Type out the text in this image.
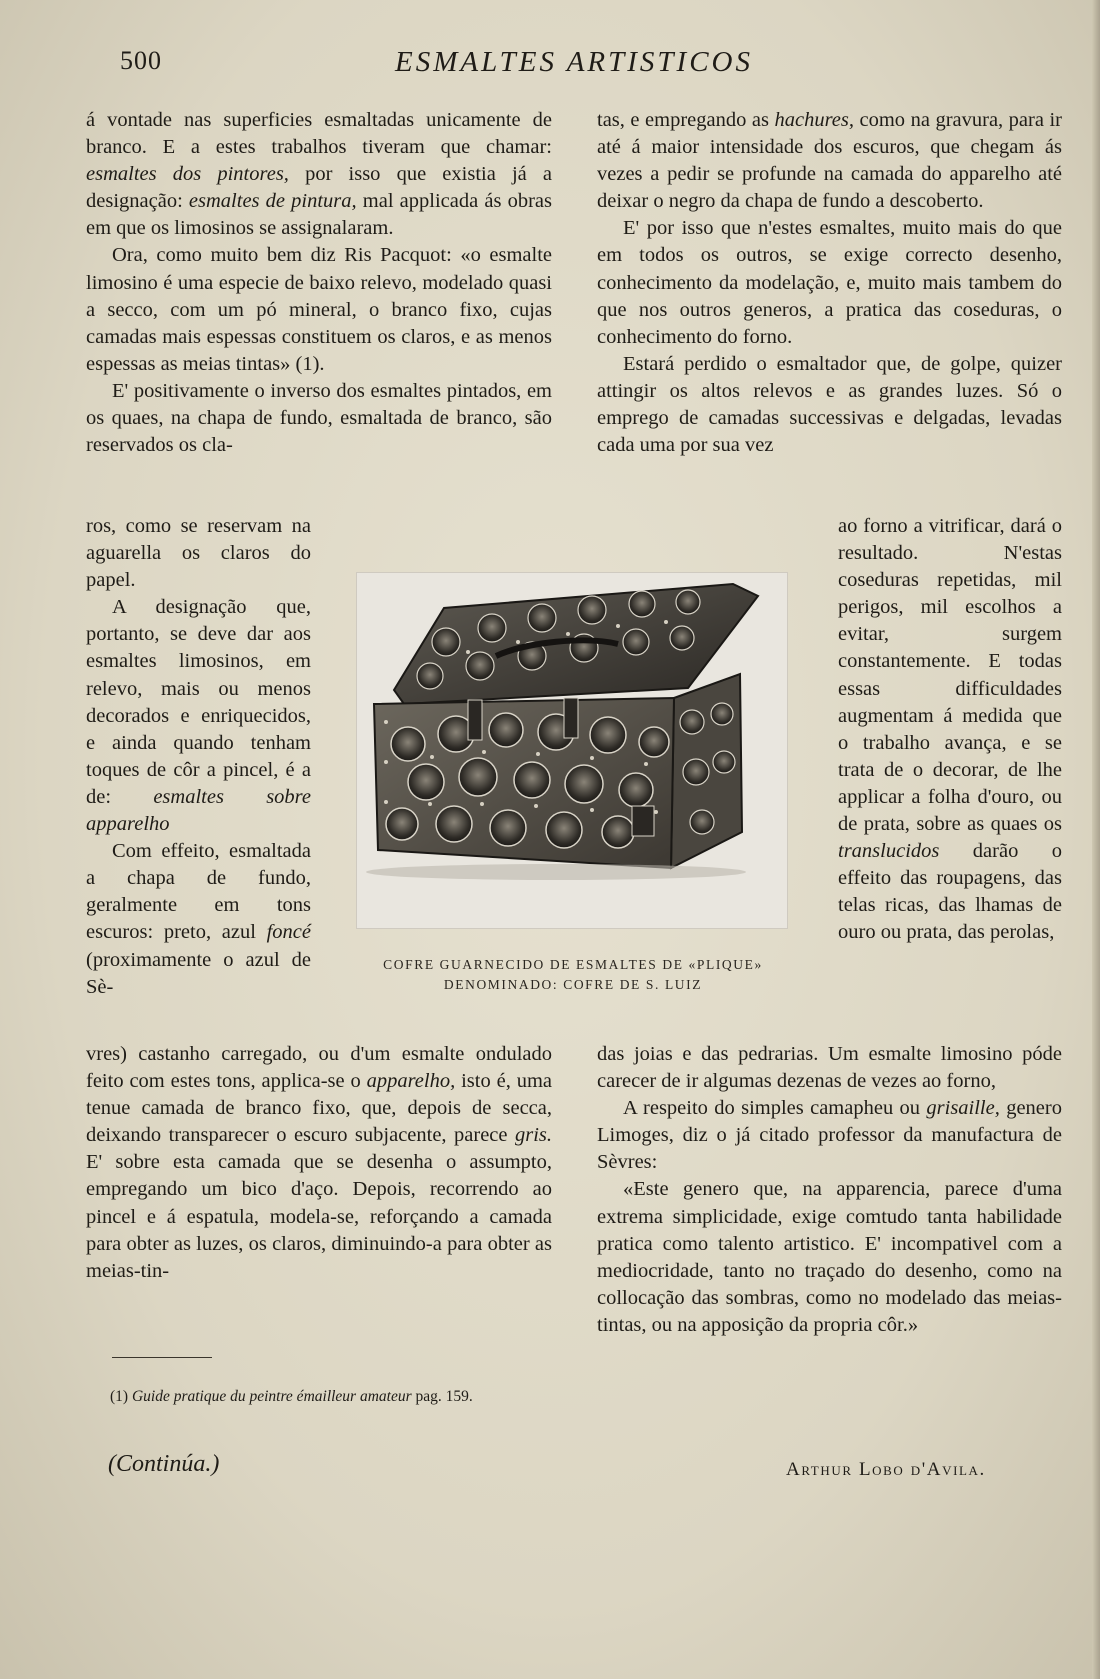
500	ESMALTES ARTISTICOS

á vontade nas superficies esmaltadas unicamente de branco. E a estes trabalhos tiveram que chamar: esmaltes dos pintores, por isso que existia já a designação: esmaltes de pintura, mal applicada ás obras em que os limosinos se assignalaram.

Ora, como muito bem diz Ris Pacquot: «o esmalte limosino é uma especie de baixo relevo, modelado quasi a secco, com um pó mineral, o branco fixo, cujas camadas mais espessas constituem os claros, e as menos espessas as meias tintas» (1).

E' positivamente o inverso dos esmaltes pintados, em os quaes, na chapa de fundo, esmaltada de branco, são reservados os cla-

ros, como se reservam na aguarella os claros do papel.

A designação que, portanto, se deve dar aos esmaltes limosinos, em relevo, mais ou menos decorados e enriquecidos, e ainda quando tenham toques de côr a pincel, é a de: esmaltes sobre apparelho

Com effeito, esmaltada a chapa de fundo, geralmente em tons escuros: preto, azul foncé (proximamente o azul de Sè-

COFRE GUARNECIDO DE ESMALTES DE «PLIQUE»
DENOMINADO: COFRE DE S. LUIZ

tas, e empregando as hachures, como na gravura, para ir até á maior intensidade dos escuros, que chegam ás vezes a pedir se profunde na camada do apparelho até deixar o negro da chapa de fundo a descoberto.

E' por isso que n'estes esmaltes, muito mais do que em todos os outros, se exige correcto desenho, conhecimento da modelação, e, muito mais tambem do que nos outros generos, a pratica das coseduras, o conhecimento do forno.

Estará perdido o esmaltador que, de golpe, quizer attingir os altos relevos e as grandes luzes. Só o emprego de camadas successivas e delgadas, levadas cada uma por sua vez

ao forno a vitrificar, dará o resultado. N'estas coseduras repetidas, mil perigos, mil escolhos a evitar, surgem constantemente. E todas essas difficuldades augmentam á medida que o trabalho avança, e se trata de o decorar, de lhe applicar a folha d'ouro, ou de prata, sobre as quaes os translucidos darão o effeito das roupagens, das telas ricas, das lhamas de ouro ou prata, das perolas,

vres) castanho carregado, ou d'um esmalte ondulado feito com estes tons, applica-se o apparelho, isto é, uma tenue camada de branco fixo, que, depois de secca, deixando transparecer o escuro subjacente, parece gris. E' sobre esta camada que se desenha o assumpto, empregando um bico d'aço. Depois, recorrendo ao pincel e á espatula, modela-se, reforçando a camada para obter as luzes, os claros, diminuindo-a para obter as meias-tin-

das joias e das pedrarias. Um esmalte limosino póde carecer de ir algumas dezenas de vezes ao forno,

A respeito do simples camapheu ou grisaille, genero Limoges, diz o já citado professor da manufactura de Sèvres:

«Este genero que, na apparencia, parece d'uma extrema simplicidade, exige comtudo tanta habilidade pratica como talento artistico. E' incompativel com a mediocridade, tanto no traçado do desenho, como na collocação das sombras, como no modelado das meias-tintas, ou na apposição da propria côr.»

(1) Guide pratique du peintre émailleur amateur pag. 159.
(Continúa.)	Arthur Lobo d'Avila.
